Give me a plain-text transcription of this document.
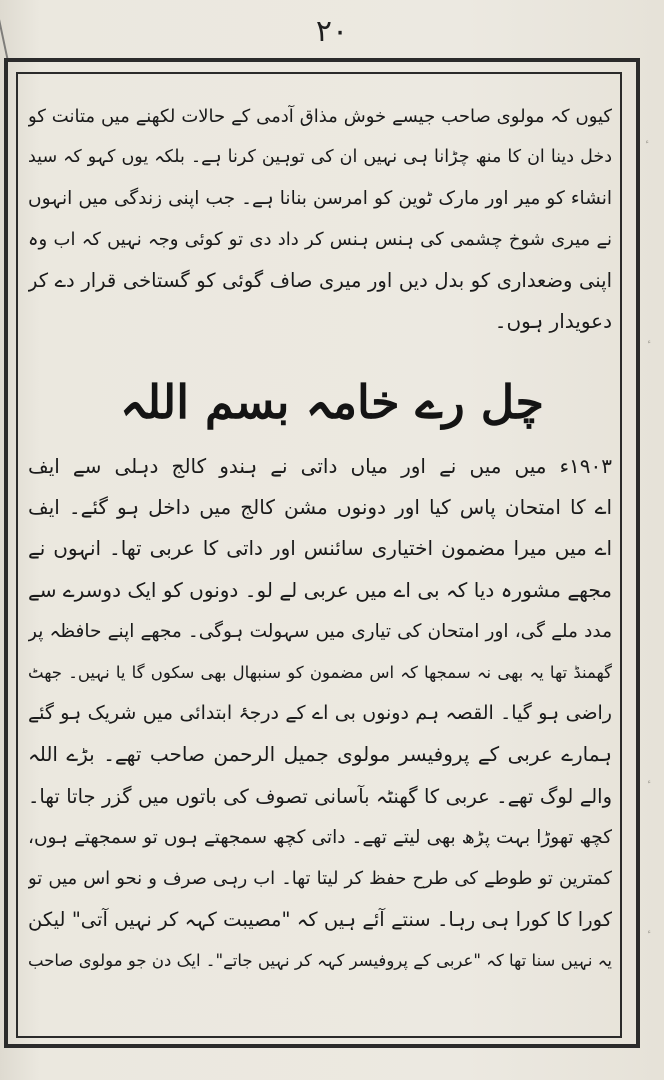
٢٠
کیوں کہ مولوی صاحب جیسے خوش مذاق آدمی کے حالات لکھنے میں متانت کو
دخل دینا ان کا منھ چڑانا ہی نہیں ان کی توہین کرنا ہے۔ بلکہ یوں کہو کہ سید
انشاء کو میر اور مارک ٹوین کو امرسن بنانا ہے۔ جب اپنی زندگی میں انہوں
نے میری شوخ چشمی کی ہنس ہنس کر داد دی تو کوئی وجہ نہیں کہ اب وہ
اپنی وضعداری کو بدل دیں اور میری صاف گوئی کو گستاخی قرار دے کر
دعویدار ہوں۔
چل رے خامہ بسم اللہ
۱۹۰۳ء میں میں نے اور میاں داتی نے ہندو کالج دہلی سے ایف
اے کا امتحان پاس کیا اور دونوں مشن کالج میں داخل ہو گئے۔ ایف
اے میں میرا مضمون اختیاری سائنس اور داتی کا عربی تھا۔ انہوں نے
مجھے مشورہ دیا کہ بی اے میں عربی لے لو۔ دونوں کو ایک دوسرے سے
مدد ملے گی، اور امتحان کی تیاری میں سہولت ہوگی۔ مجھے اپنے حافظہ پر
گھمنڈ تھا یہ بھی نہ سمجھا کہ اس مضمون کو سنبھال بھی سکوں گا یا نہیں۔ جھٹ
راضی ہو گیا۔ القصہ ہم دونوں بی اے کے درجۂ ابتدائی میں شریک ہو گئے
ہمارے عربی کے پروفیسر مولوی جمیل الرحمن صاحب تھے۔ بڑے اللہ
والے لوگ تھے۔ عربی کا گھنٹہ بآسانی تصوف کی باتوں میں گزر جاتا تھا۔
کچھ تھوڑا بہت پڑھ بھی لیتے تھے۔ داتی کچھ سمجھتے ہوں تو سمجھتے ہوں،
کمترین تو طوطے کی طرح حفظ کر لیتا تھا۔ اب رہی صرف و نحو اس میں تو
کورا کا کورا ہی رہا۔ سنتے آئے ہیں کہ "مصیبت کہہ کر نہیں آتی" لیکن
یہ نہیں سنا تھا کہ "عربی کے پروفیسر کہہ کر نہیں جاتے"۔ ایک دن جو مولوی صاحب
